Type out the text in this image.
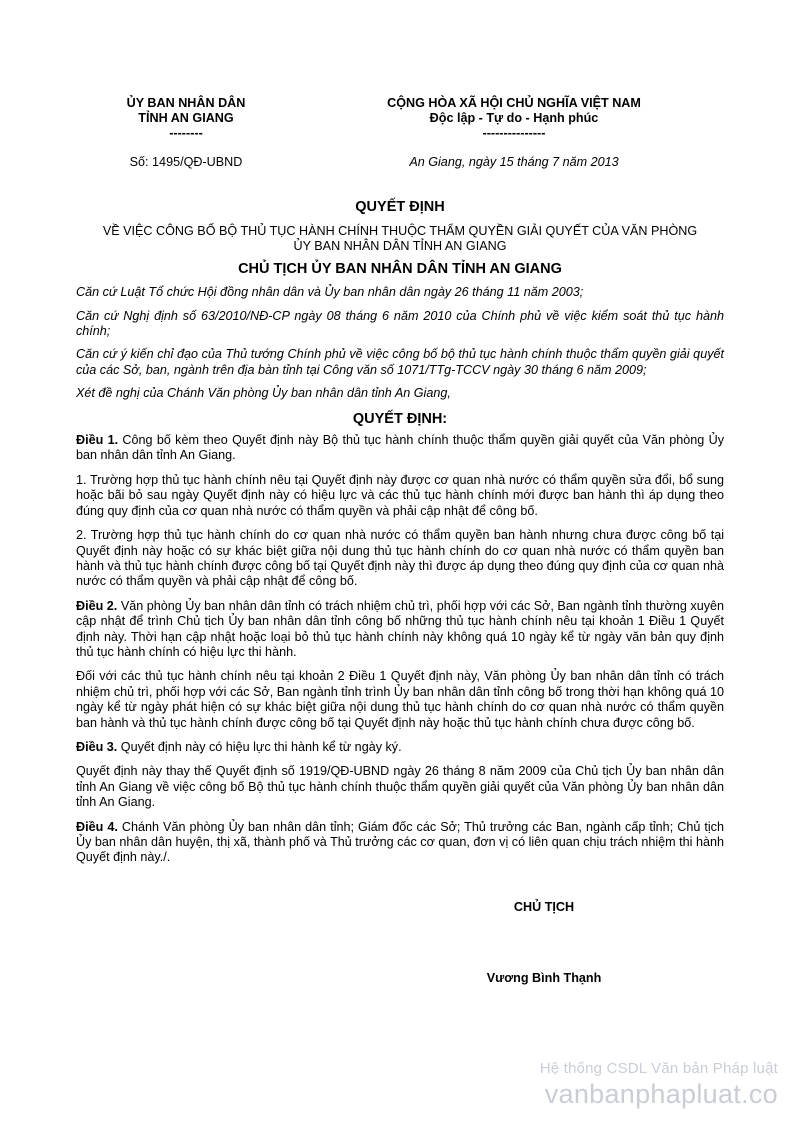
ỦY BAN NHÂN DÂN
TỈNH AN GIANG
--------
CỘNG HÒA XÃ HỘI CHỦ NGHĨA VIỆT NAM
Độc lập - Tự do - Hạnh phúc
---------------
Số: 1495/QĐ-UBND	An Giang, ngày 15 tháng 7 năm 2013
QUYẾT ĐỊNH
VỀ VIỆC CÔNG BỐ BỘ THỦ TỤC HÀNH CHÍNH THUỘC THẨM QUYỀN GIẢI QUYẾT CỦA VĂN PHÒNG
ỦY BAN NHÂN DÂN TỈNH AN GIANG
CHỦ TỊCH ỦY BAN NHÂN DÂN TỈNH AN GIANG
Căn cứ Luật Tổ chức Hội đồng nhân dân và Ủy ban nhân dân ngày 26 tháng 11 năm 2003;
Căn cứ Nghị định số 63/2010/NĐ-CP ngày 08 tháng 6 năm 2010 của Chính phủ về việc kiểm soát thủ tục hành chính;
Căn cứ ý kiến chỉ đạo của Thủ tướng Chính phủ về việc công bố bộ thủ tục hành chính thuộc thẩm quyền giải quyết của các Sở, ban, ngành trên địa bàn tỉnh tại Công văn số 1071/TTg-TCCV ngày 30 tháng 6 năm 2009;
Xét đề nghị của Chánh Văn phòng Ủy ban nhân dân tỉnh An Giang,
QUYẾT ĐỊNH:

Điều 1. Công bố kèm theo Quyết định này Bộ thủ tục hành chính thuộc thẩm quyền giải quyết của Văn phòng Ủy ban nhân dân tỉnh An Giang.

1. Trường hợp thủ tục hành chính nêu tại Quyết định này được cơ quan nhà nước có thẩm quyền sửa đổi, bổ sung hoặc bãi bỏ sau ngày Quyết định này có hiệu lực và các thủ tục hành chính mới được ban hành thì áp dụng theo đúng quy định của cơ quan nhà nước có thẩm quyền và phải cập nhật để công bố.

2. Trường hợp thủ tục hành chính do cơ quan nhà nước có thẩm quyền ban hành nhưng chưa được công bố tại Quyết định này hoặc có sự khác biệt giữa nội dung thủ tục hành chính do cơ quan nhà nước có thẩm quyền ban hành và thủ tục hành chính được công bố tại Quyết định này thì được áp dụng theo đúng quy định của cơ quan nhà nước có thẩm quyền và phải cập nhật để công bố.

Điều 2. Văn phòng Ủy ban nhân dân tỉnh có trách nhiệm chủ trì, phối hợp với các Sở, Ban ngành tỉnh thường xuyên cập nhật để trình Chủ tịch Ủy ban nhân dân tỉnh công bố những thủ tục hành chính nêu tại khoản 1 Điều 1 Quyết định này. Thời hạn cập nhật hoặc loại bỏ thủ tục hành chính này không quá 10 ngày kể từ ngày văn bản quy định thủ tục hành chính có hiệu lực thi hành.

Đối với các thủ tục hành chính nêu tại khoản 2 Điều 1 Quyết định này, Văn phòng Ủy ban nhân dân tỉnh có trách nhiệm chủ trì, phối hợp với các Sở, Ban ngành tỉnh trình Ủy ban nhân dân tỉnh công bố trong thời hạn không quá 10 ngày kể từ ngày phát hiện có sự khác biệt giữa nội dung thủ tục hành chính do cơ quan nhà nước có thẩm quyền ban hành và thủ tục hành chính được công bố tại Quyết định này hoặc thủ tục hành chính chưa được công bố.

Điều 3. Quyết định này có hiệu lực thi hành kể từ ngày ký.

Quyết định này thay thế Quyết định số 1919/QĐ-UBND ngày 26 tháng 8 năm 2009 của Chủ tịch Ủy ban nhân dân tỉnh An Giang về việc công bố Bộ thủ tục hành chính thuộc thẩm quyền giải quyết của Văn phòng Ủy ban nhân dân tỉnh An Giang.

Điều 4. Chánh Văn phòng Ủy ban nhân dân tỉnh; Giám đốc các Sở; Thủ trưởng các Ban, ngành cấp tỉnh; Chủ tịch Ủy ban nhân dân huyện, thị xã, thành phố và Thủ trưởng các cơ quan, đơn vị có liên quan chịu trách nhiệm thi hành Quyết định này./.

CHỦ TỊCH
Vương Bình Thạnh
Hệ thống CSDL Văn bản Pháp luật
vanbanphapluat.co
